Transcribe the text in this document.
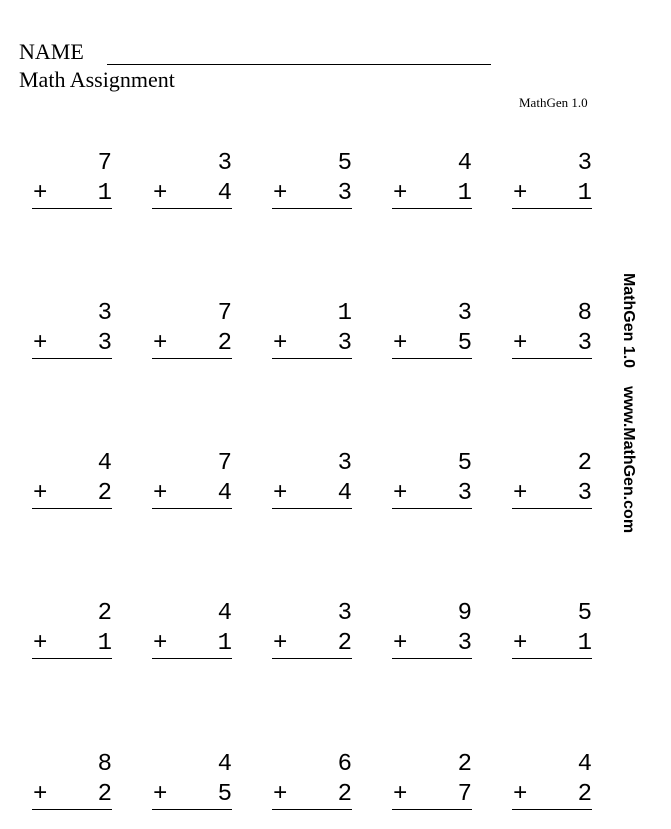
NAME
Math Assignment
MathGen 1.0
MathGen 1.0www.MathGen.com
7
+ 1
3
+ 4
5
+ 3
4
+ 1
3
+ 1
3
+ 3
7
+ 2
1
+ 3
3
+ 5
8
+ 3
4
+ 2
7
+ 4
3
+ 4
5
+ 3
2
+ 3
2
+ 1
4
+ 1
3
+ 2
9
+ 3
5
+ 1
8
+ 2
4
+ 5
6
+ 2
2
+ 7
4
+ 2
